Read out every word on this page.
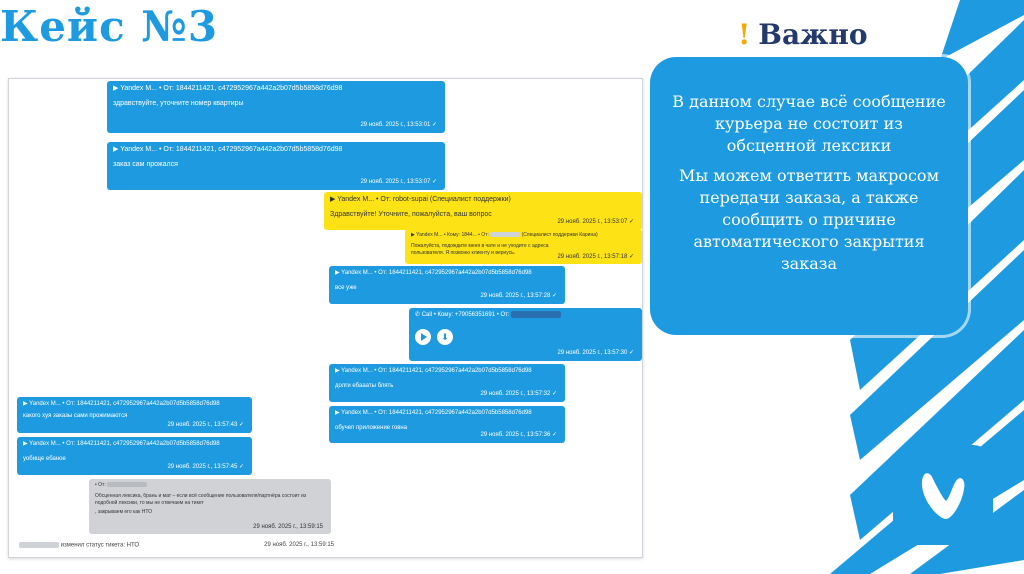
Кейс №3	! Важно

В данном случае всё сообщение курьера не состоит из обсценной лексики

Мы можем ответить макросом передачи заказа, а также сообщить о причине автоматического закрытия заказа

▶ Yandex M... • От: 1844211421, c472952967a442a2b07d5b5858d76d98
здравствуйте, уточните номер квартиры
29 нояб. 2025 г., 13:53:01 ✓
▶ Yandex M... • От: 1844211421, c472952967a442a2b07d5b5858d76d98
заказ сам прожался
29 нояб. 2025 г., 13:53:07 ✓
▶ Yandex M... • От: robot-supai (Специалист поддержки)
Здравствуйте! Уточните, пожалуйста, ваш вопрос
29 нояб. 2025 г., 13:53:07 ✓
▶ Yandex M... • Кому: 1844... • От:	(Специалист поддержки Карина)
Пожалуйста, подождите меня в чате и не уходите с адреса пользователя. Я позвоню клиенту и вернусь.
29 нояб. 2025 г., 13:57:18 ✓
▶ Yandex M... • От: 1844211421, c472952967a442a2b07d5b5858d76d98
все уже
29 нояб. 2025 г., 13:57:28 ✓
✆ Call • Кому: +79056351691 • От:
⬇
29 нояб. 2025 г., 13:57:30 ✓
▶ Yandex M... • От: 1844211421, c472952967a442a2b07d5b5858d76d98
долги ебаааты блять
29 нояб. 2025 г., 13:57:32 ✓
▶ Yandex M... • От: 1844211421, c472952967a442a2b07d5b5858d76d98
обучеп приложение говна
29 нояб. 2025 г., 13:57:36 ✓
▶ Yandex M... • От: 1844211421, c472952967a442a2b07d5b5858d76d98
какого хуя заказы сами прожимаются
29 нояб. 2025 г., 13:57:43 ✓
▶ Yandex M... • От: 1844211421, c472952967a442a2b07d5b5858d76d98
уобище ебаное
29 нояб. 2025 г., 13:57:45 ✓
• От:
Обсценная лексика, брань и мат – если всё сообщение пользователя/партнёра состоит из подобной лексики, то мы не отвечаем на тикет
, закрываем его как НТО
29 нояб. 2025 г., 13:59:15
изменил статус тикета: НТО	29 нояб. 2025 г., 13:59:15
